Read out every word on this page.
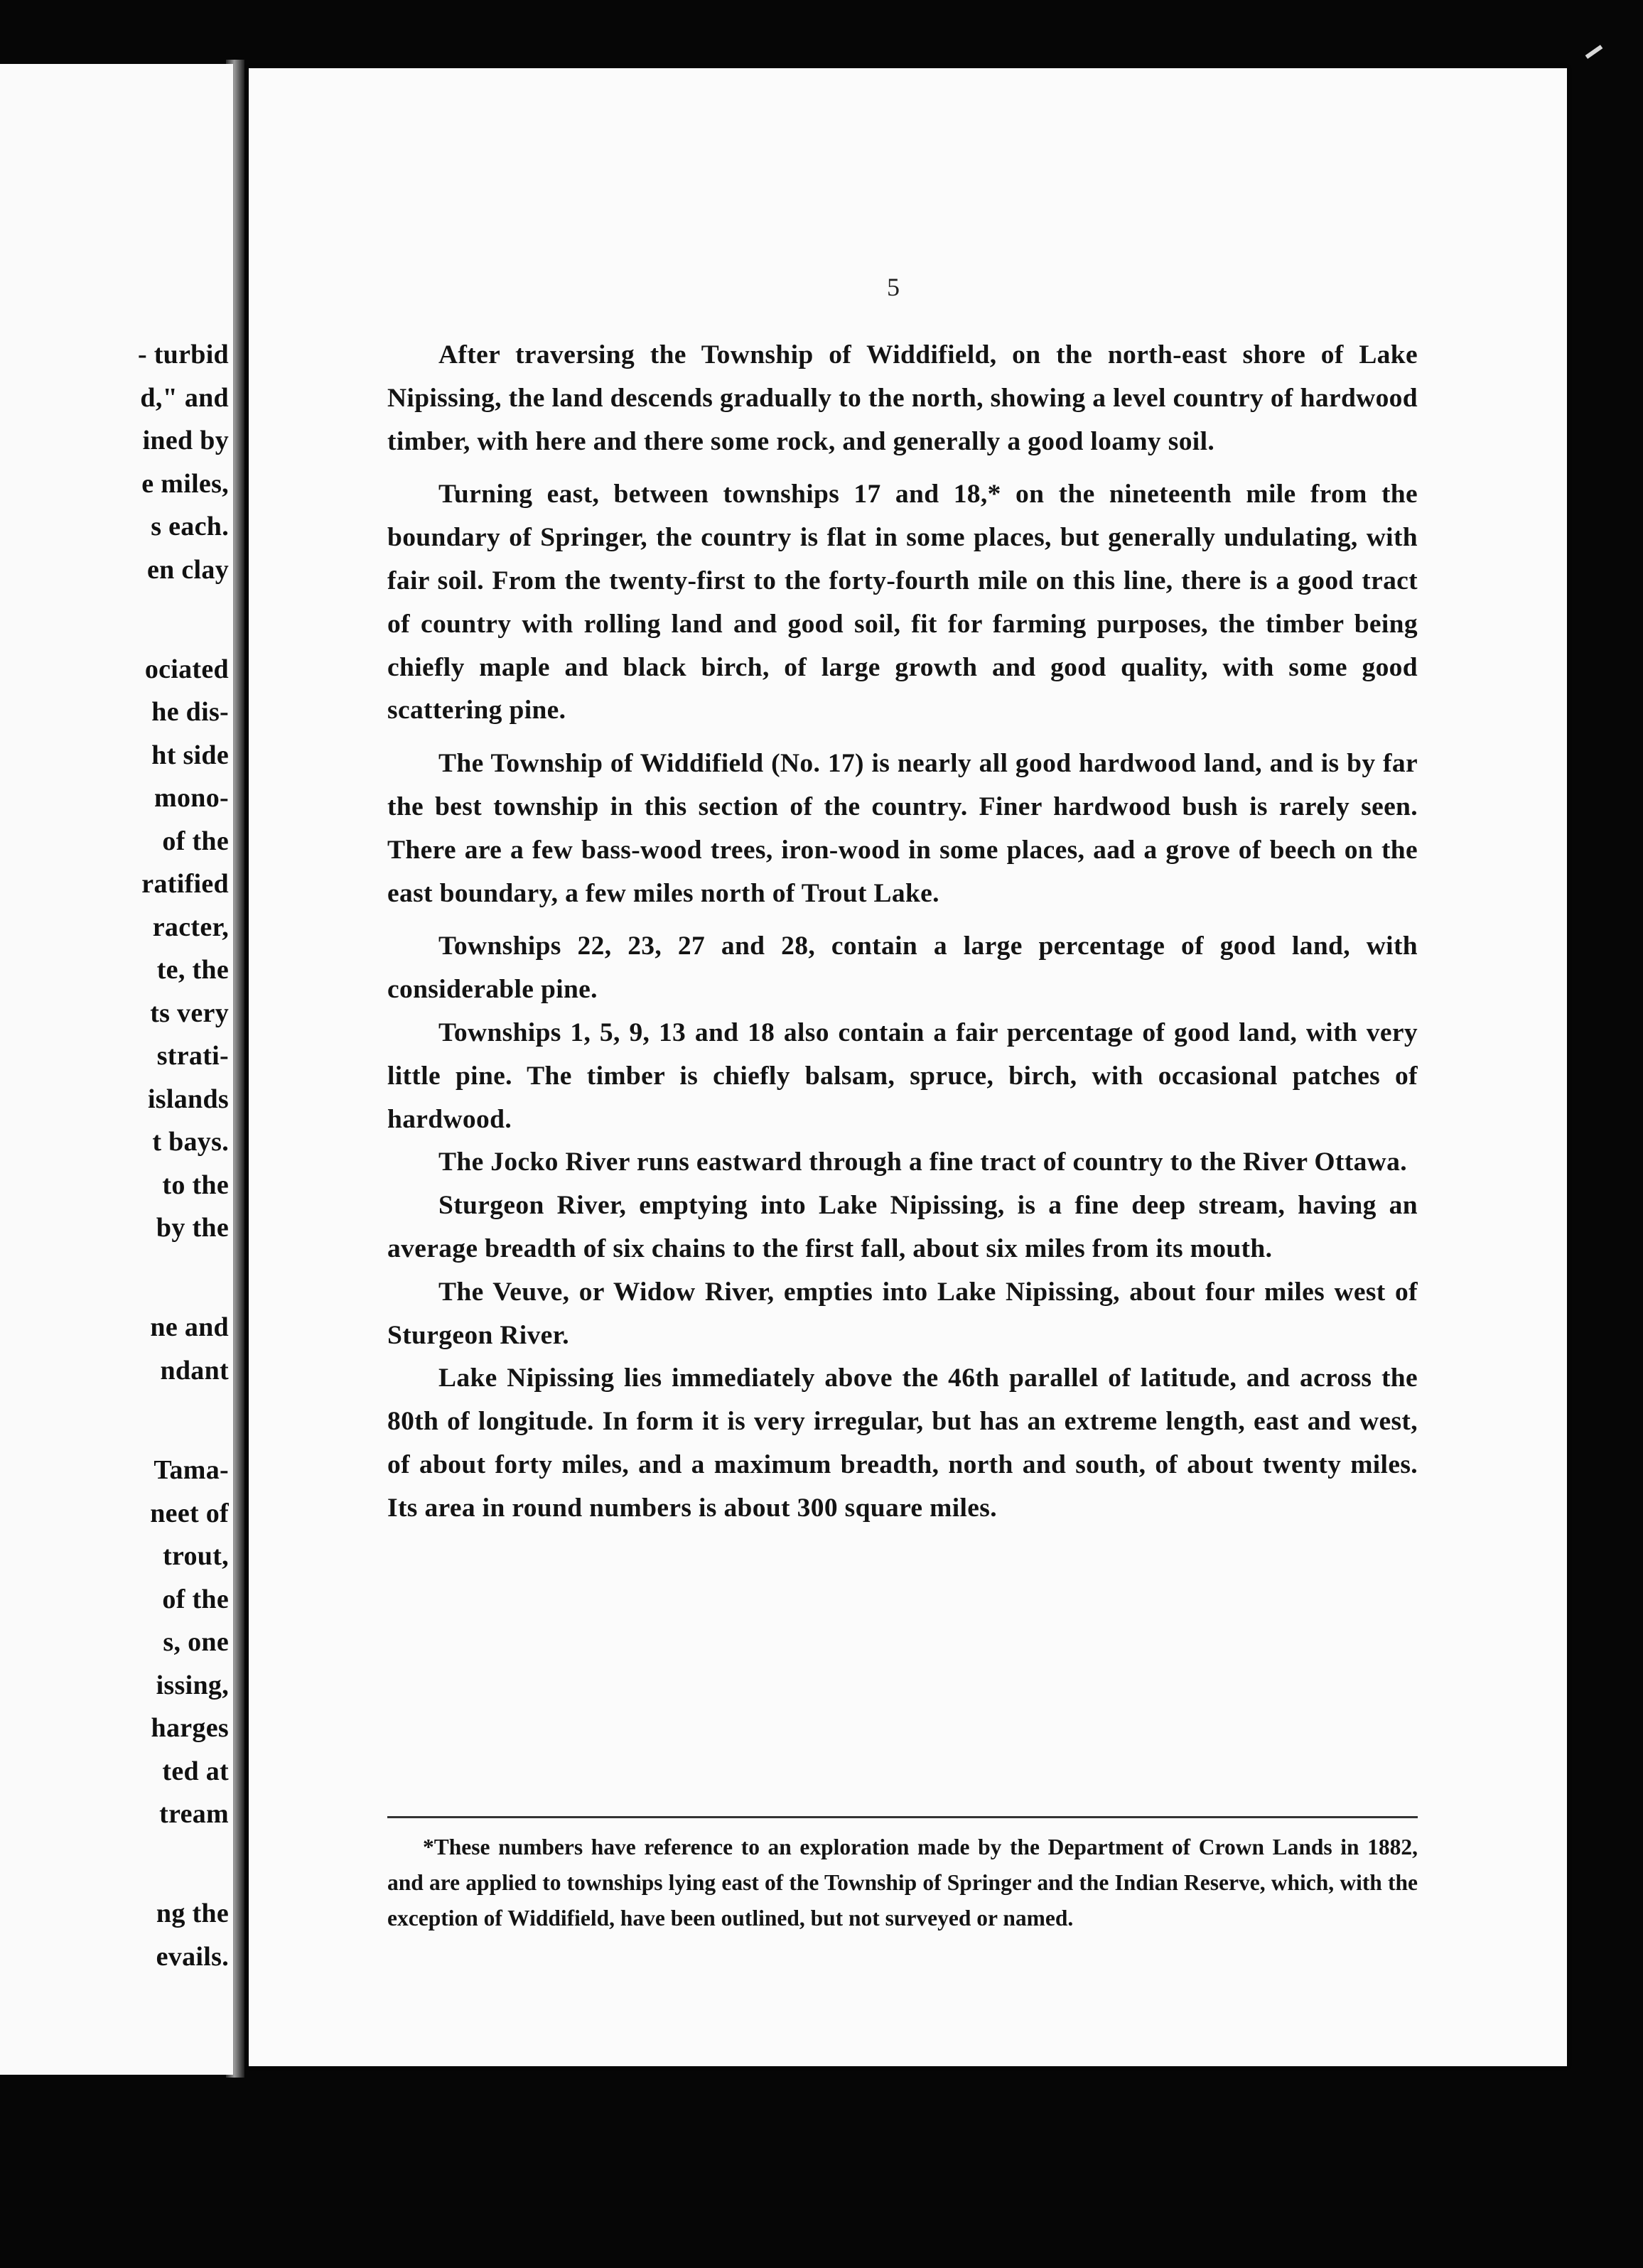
- turbid
d," and
ined by
e miles,
s each.
en clay
ociated
he dis-
ht side
mono-
of the
ratified
racter,
te, the
ts very
strati-
islands
t bays.
to the
by the
ne and
ndant
Tama-
neet of
trout,
of the
s, one
issing,
harges
ted at
tream
ng the
evails.
5

After traversing the Township of Widdifield, on the north-east shore of Lake Nipissing, the land descends gradually to the north, showing a level country of hardwood timber, with here and there some rock, and generally a good loamy soil.

Turning east, between townships 17 and 18,* on the nineteenth mile from the boundary of Springer, the country is flat in some places, but generally undulating, with fair soil. From the twenty-first to the forty-fourth mile on this line, there is a good tract of country with rolling land and good soil, fit for farming purposes, the timber being chiefly maple and black birch, of large growth and good quality, with some good scattering pine.

The Township of Widdifield (No. 17) is nearly all good hardwood land, and is by far the best township in this section of the country. Finer hardwood bush is rarely seen. There are a few bass-wood trees, iron-wood in some places, aad a grove of beech on the east boundary, a few miles north of Trout Lake.

Townships 22, 23, 27 and 28, contain a large percentage of good land, with considerable pine.

Townships 1, 5, 9, 13 and 18 also contain a fair percentage of good land, with very little pine. The timber is chiefly balsam, spruce, birch, with occasional patches of hardwood.

The Jocko River runs eastward through a fine tract of country to the River Ottawa.

Sturgeon River, emptying into Lake Nipissing, is a fine deep stream, having an average breadth of six chains to the first fall, about six miles from its mouth.

The Veuve, or Widow River, empties into Lake Nipissing, about four miles west of Sturgeon River.

Lake Nipissing lies immediately above the 46th parallel of latitude, and across the 80th of longitude. In form it is very irregular, but has an extreme length, east and west, of about forty miles, and a maximum breadth, north and south, of about twenty miles. Its area in round numbers is about 300 square miles.

*These numbers have reference to an exploration made by the Department of Crown Lands in 1882, and are applied to townships lying east of the Township of Springer and the Indian Reserve, which, with the exception of Widdifield, have been outlined, but not surveyed or named.
